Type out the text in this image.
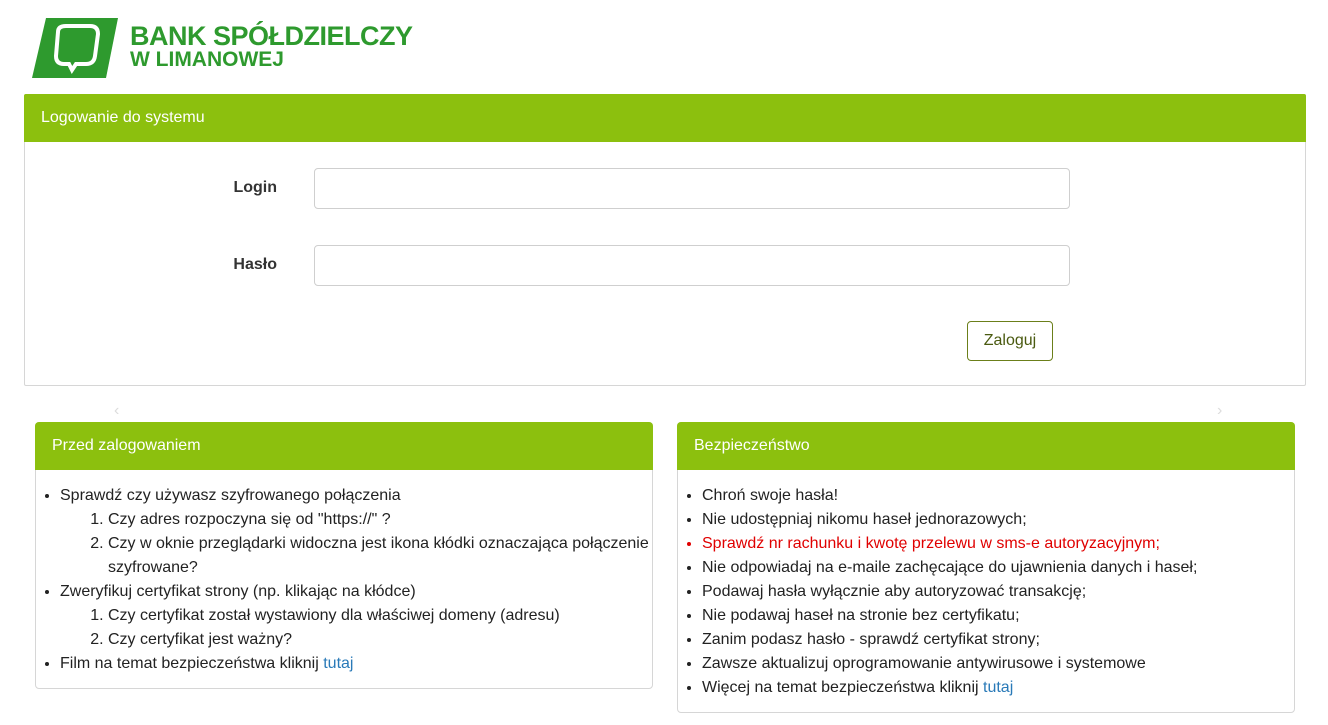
BANK SPÓŁDZIELCZY
W LIMANOWEJ
Logowanie do systemu
Login
Hasło
Zaloguj
‹	›
Przed zalogowaniem
• Sprawdź czy używasz szyfrowanego połączenia
1. Czy adres rozpoczyna się od "https://" ?
2. Czy w oknie przeglądarki widoczna jest ikona kłódki oznaczająca połączenie szyfrowane?
• Zweryfikuj certyfikat strony (np. klikając na kłódce)
1. Czy certyfikat został wystawiony dla właściwej domeny (adresu)
2. Czy certyfikat jest ważny?
• Film na temat bezpieczeństwa kliknij tutaj
Bezpieczeństwo
• Chroń swoje hasła!
• Nie udostępniaj nikomu haseł jednorazowych;
• Sprawdź nr rachunku i kwotę przelewu w sms-e autoryzacyjnym;
• Nie odpowiadaj na e-maile zachęcające do ujawnienia danych i haseł;
• Podawaj hasła wyłącznie aby autoryzować transakcję;
• Nie podawaj haseł na stronie bez certyfikatu;
• Zanim podasz hasło - sprawdź certyfikat strony;
• Zawsze aktualizuj oprogramowanie antywirusowe i systemowe
• Więcej na temat bezpieczeństwa kliknij tutaj
